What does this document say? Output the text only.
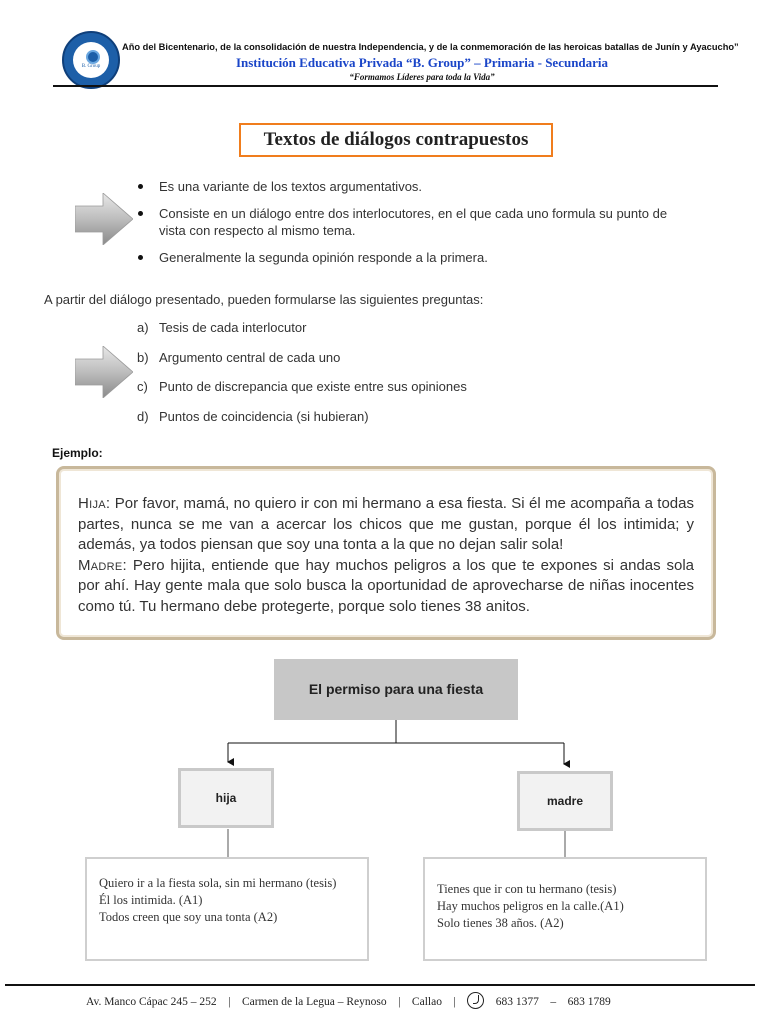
B. Group
Año del Bicentenario, de la consolidación de nuestra Independencia, y de la conmemoración de las heroicas batallas de Junín y Ayacucho”
Institución Educativa Privada “B. Group” – Primaria - Secundaria
“Formamos Líderes para toda la Vida”
Textos de diálogos contrapuestos
Es una variante de los textos argumentativos.
Consiste en un diálogo entre dos interlocutores, en el que cada uno formula su punto de vista con respecto al mismo tema.
Generalmente la segunda opinión responde a la primera.
A partir del diálogo presentado, pueden formularse las siguientes preguntas:
a) Tesis de cada interlocutor
b) Argumento central de cada uno
c) Punto de discrepancia que existe entre sus opiniones
d) Puntos de coincidencia (si hubieran)
Ejemplo:
Hija: Por favor, mamá, no quiero ir con mi hermano a esa fiesta. Si él me acompaña a todas partes, nunca se me van a acercar los chicos que me gustan, porque él los intimida; y además, ya todos piensan que soy una tonta a la que no dejan salir sola!
Madre: Pero hijita, entiende que hay muchos peligros a los que te expones si andas sola por ahí. Hay gente mala que solo busca la oportunidad de aprovecharse de niñas inocentes como tú. Tu hermano debe protegerte, porque solo tienes 38 anitos.
El permiso para una fiesta
hija	madre
Quiero ir a la fiesta sola, sin mi hermano (tesis)
Él los intimida. (A1)
Todos creen que soy una tonta (A2)
Tienes que ir con tu hermano (tesis)
Hay muchos peligros en la calle.(A1)
Solo tienes 38 años. (A2)
Av. Manco Cápac 245 – 252    |    Carmen de la Legua – Reynoso    |    Callao    |        683 1377    –    683 1789
